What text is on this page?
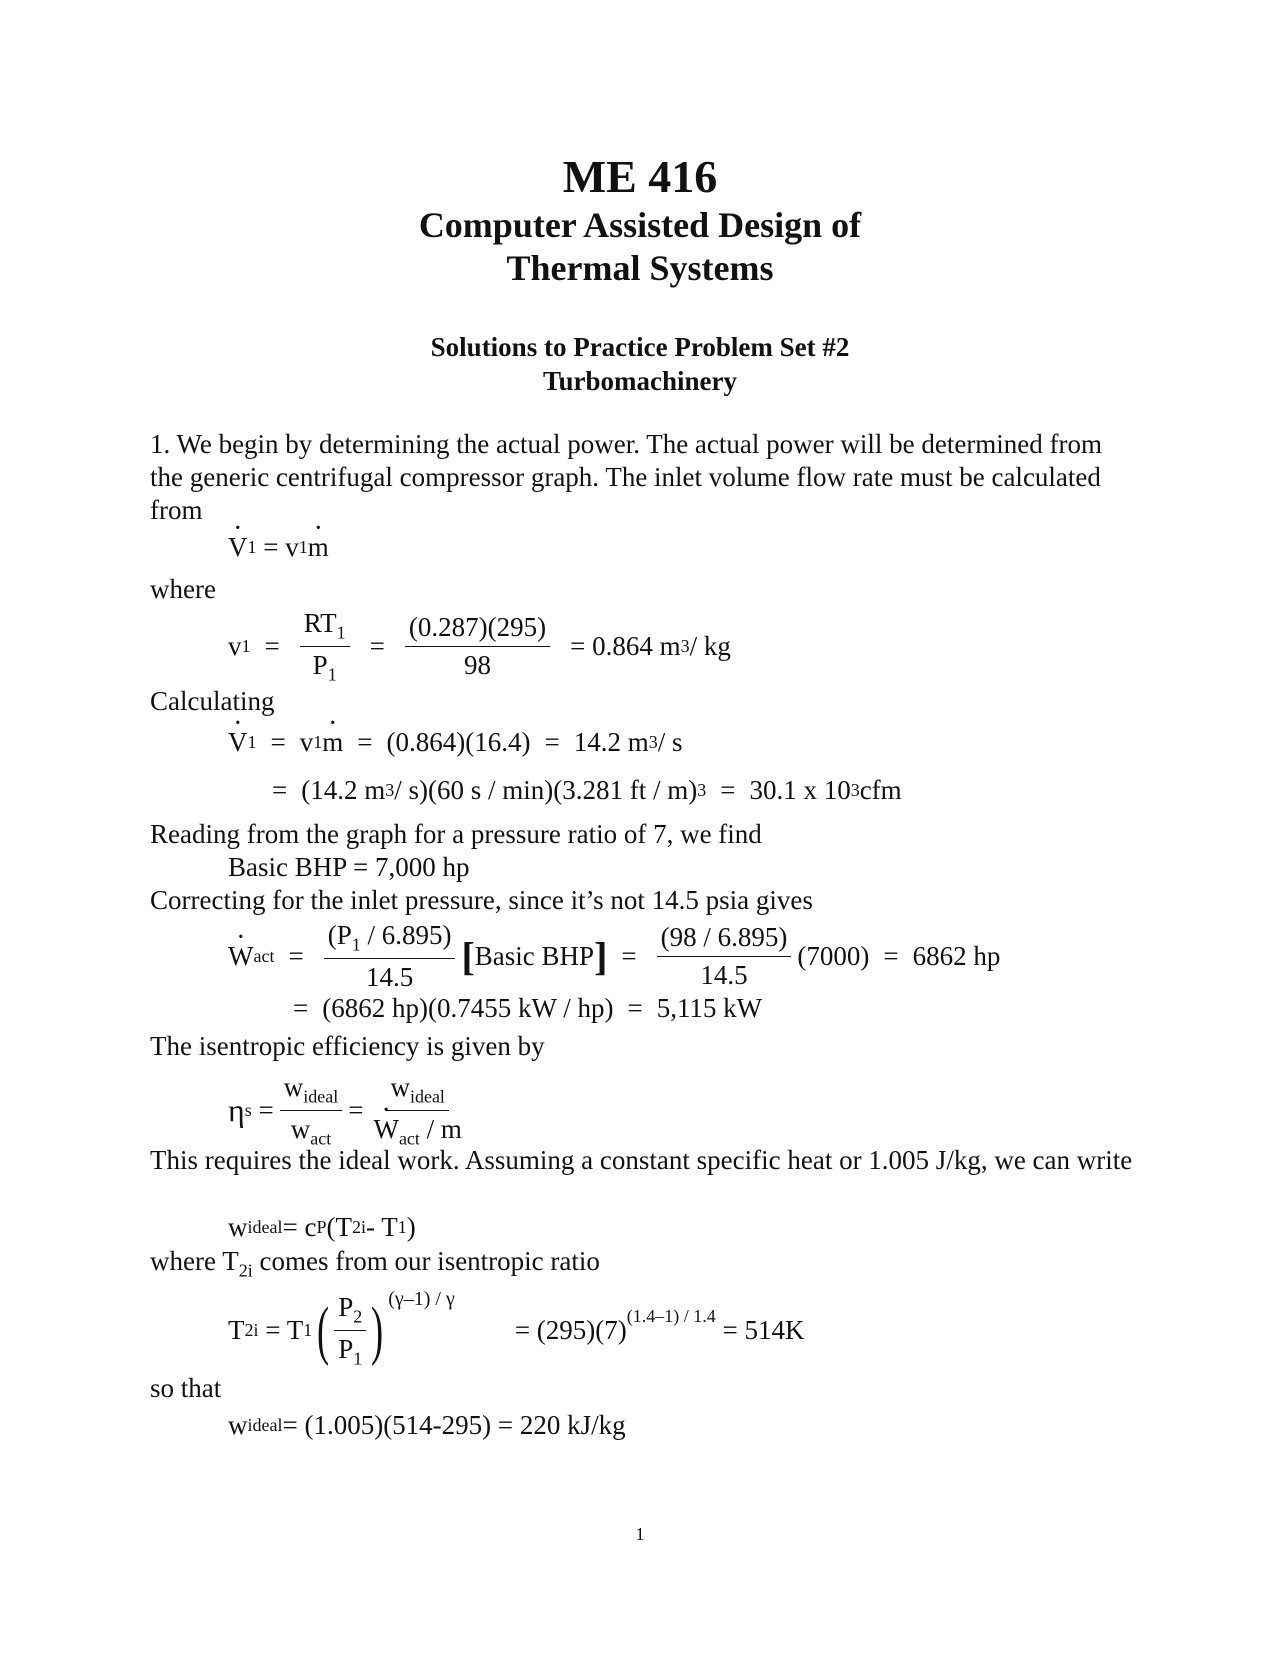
ME 416
Computer Assisted Design of
Thermal Systems
Solutions to Practice Problem Set #2
Turbomachinery
1. We begin by determining the actual power. The actual power will be determined from the generic centrifugal compressor graph. The inlet volume flow rate must be calculated from
· V 1
= v 1 · m
where
v $1 = \frac{RT_1}{P_1} = \frac{(0.287)(295)}{98} = 0.864$ m 3 / kg
Calculating
· V 1 = v 1 · m = (0.864)(16.4) = 14.2 m 3 / s
= (14.2 m 3 / s)(60 s / min)(3.281 ft / m) 3 = 30.1 x 10 3 cfm
Reading from the graph for a pressure ratio of 7, we find
Basic BHP = 7,000 hp
Correcting for the inlet pressure, since it’s not 14.5 psia gives
· W act = $\frac{(P_1 / 6.895)}{14.5}$ [ Basic BHP ] = $\frac{(98 / 6.895)}{14.5} (7000) = 6862$ hp
= (6862 hp)(0.7455 kW / hp) = 5,115 kW
The isentropic efficiency is given by
η $s = \frac{w_{ideal}}{w_{act}} = w_{ideal}$
· $W_{act}$ / m
This requires the ideal work. Assuming a constant specific heat or 1.005 J/kg, we can write
w ideal = c P (T 2i - T 1 )
where $T_{2i}$ comes from our isentropic ratio
T 2i
= T 1 ( $\frac{P_2}{P_1}$ ) (γ–1) / γ
= $(295)(7)^{(1.4-1) / 1.4}$
= 514K
so that
w ideal = (1.005)(514-295) = 220 kJ/kg
1
